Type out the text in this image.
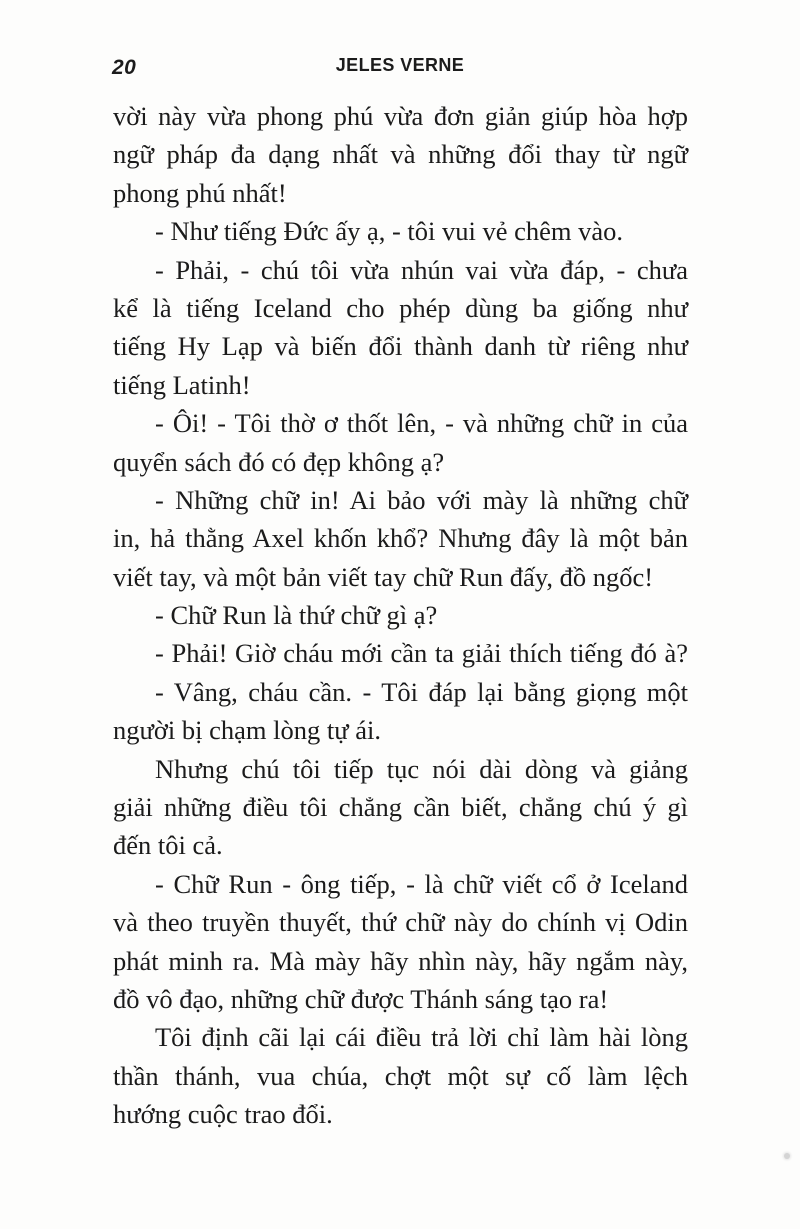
20	JELES VERNE
vời này vừa phong phú vừa đơn giản giúp hòa hợp
ngữ pháp đa dạng nhất và những đổi thay từ ngữ
phong phú nhất!
- Như tiếng Đức ấy ạ, - tôi vui vẻ chêm vào.
- Phải, - chú tôi vừa nhún vai vừa đáp, - chưa
kể là tiếng Iceland cho phép dùng ba giống như
tiếng Hy Lạp và biến đổi thành danh từ riêng như
tiếng Latinh!
- Ôi! - Tôi thờ ơ thốt lên, - và những chữ in của
quyển sách đó có đẹp không ạ?
- Những chữ in! Ai bảo với mày là những chữ
in, hả thằng Axel khốn khổ? Nhưng đây là một bản
viết tay, và một bản viết tay chữ Run đấy, đồ ngốc!
- Chữ Run là thứ chữ gì ạ?
- Phải! Giờ cháu mới cần ta giải thích tiếng đó à?
- Vâng, cháu cần. - Tôi đáp lại bằng giọng một
người bị chạm lòng tự ái.
Nhưng chú tôi tiếp tục nói dài dòng và giảng
giải những điều tôi chẳng cần biết, chẳng chú ý gì
đến tôi cả.
- Chữ Run - ông tiếp, - là chữ viết cổ ở Iceland
và theo truyền thuyết, thứ chữ này do chính vị Odin
phát minh ra. Mà mày hãy nhìn này, hãy ngắm này,
đồ vô đạo, những chữ được Thánh sáng tạo ra!
Tôi định cãi lại cái điều trả lời chỉ làm hài lòng
thần thánh, vua chúa, chợt một sự cố làm lệch
hướng cuộc trao đổi.
